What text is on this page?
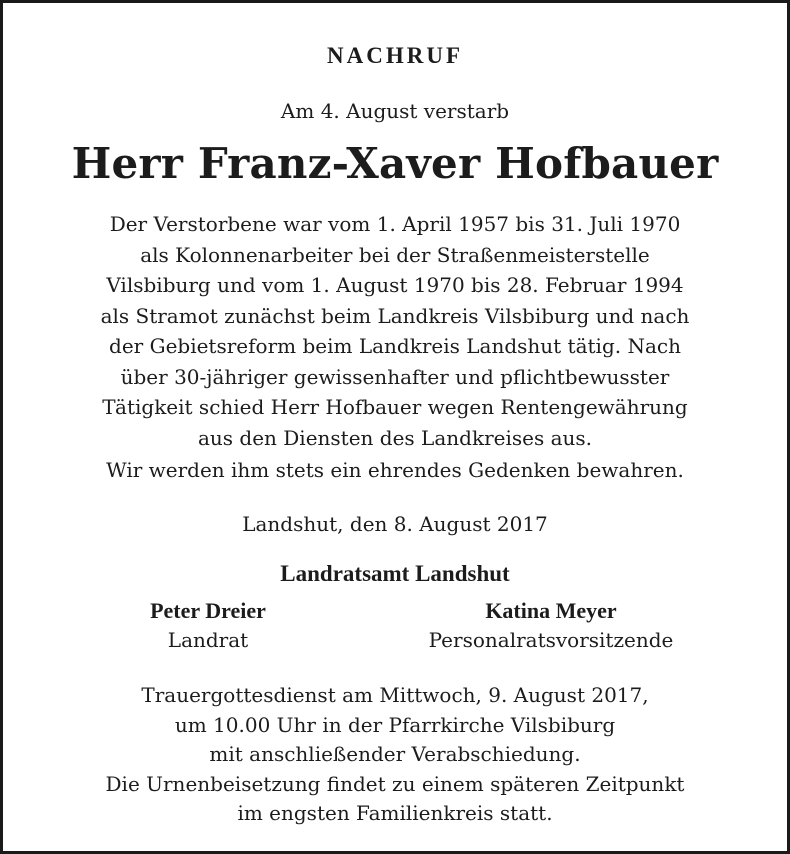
NACHRUF
Am 4. August verstarb
Herr Franz-Xaver Hofbauer
Der Verstorbene war vom 1. April 1957 bis 31. Juli 1970
als Kolonnenarbeiter bei der Straßenmeisterstelle
Vilsbiburg und vom 1. August 1970 bis 28. Februar 1994
als Stramot zunächst beim Landkreis Vilsbiburg und nach
der Gebietsreform beim Landkreis Landshut tätig. Nach
über 30-jähriger gewissenhafter und pflichtbewusster
Tätigkeit schied Herr Hofbauer wegen Rentengewährung
aus den Diensten des Landkreises aus.
Wir werden ihm stets ein ehrendes Gedenken bewahren.
Landshut, den 8. August 2017
Landratsamt Landshut
Peter Dreier
Landrat
Katina Meyer
Personalratsvorsitzende
Trauergottesdienst am Mittwoch, 9. August 2017,
um 10.00 Uhr in der Pfarrkirche Vilsbiburg
mit anschließender Verabschiedung.
Die Urnenbeisetzung findet zu einem späteren Zeitpunkt
im engsten Familienkreis statt.
